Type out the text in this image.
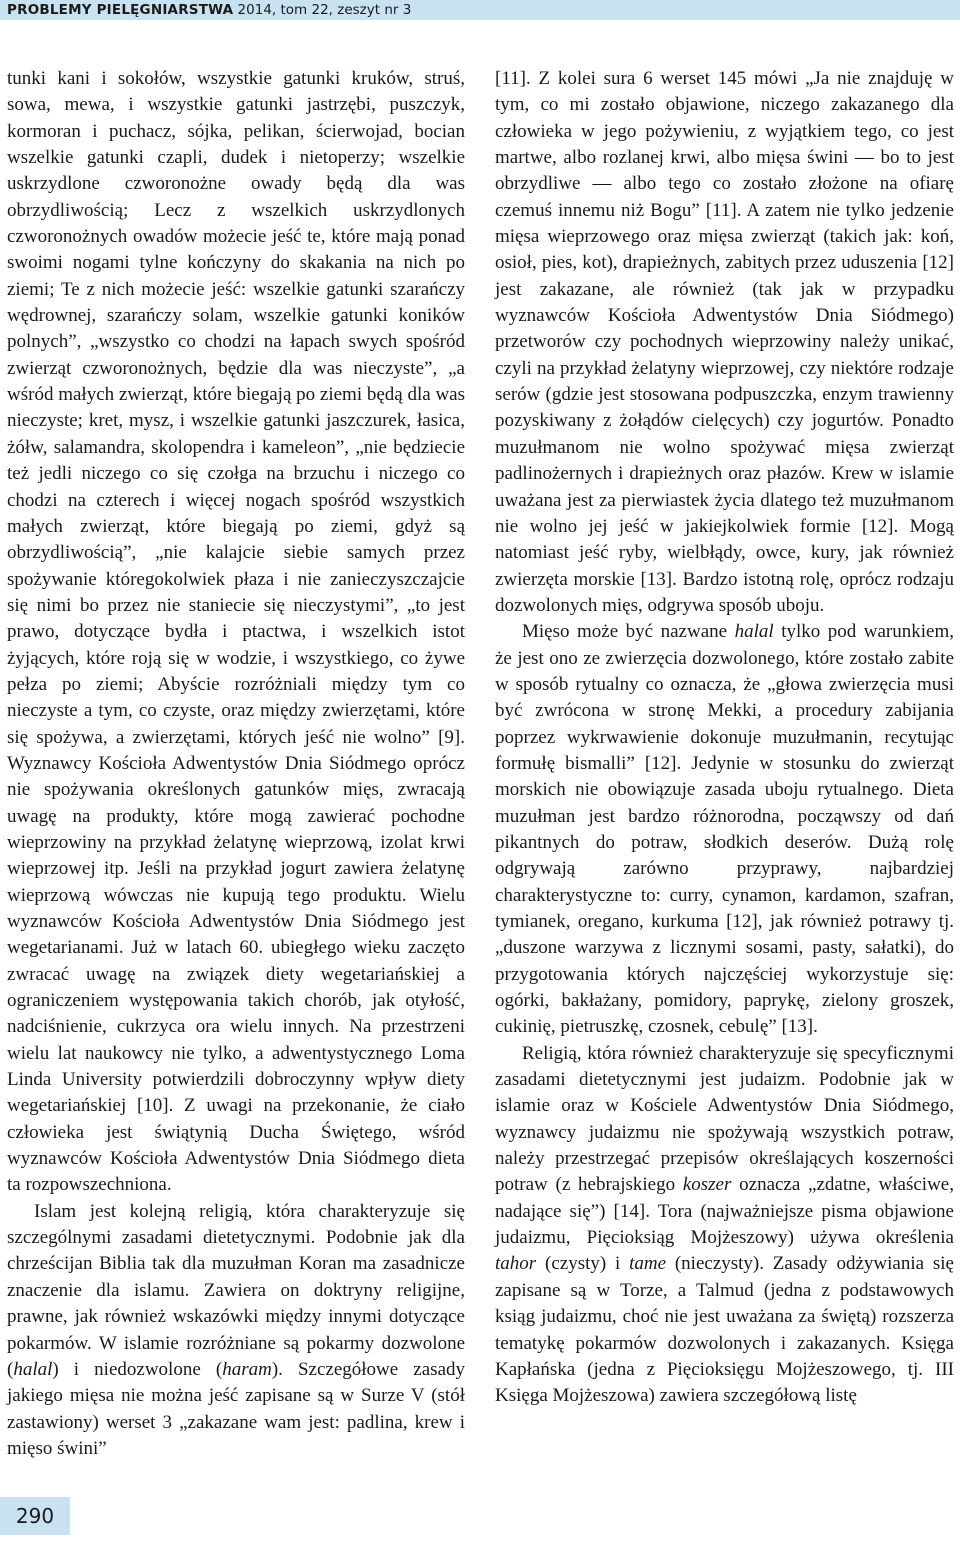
PROBLEMY PIELĘGNIARSTWA 2014, tom 22, zeszyt nr 3

tunki kani i sokołów, wszystkie gatunki kruków, struś, sowa, mewa, i wszystkie gatunki jastrzębi, puszczyk, kormoran i puchacz, sójka, pelikan, ścierwojad, bocian wszelkie gatunki czapli, dudek i nietoperzy; wszelkie uskrzydlone czworonożne owady będą dla was obrzydliwością; Lecz z wszelkich uskrzydlonych czworonożnych owadów możecie jeść te, które mają ponad swoimi nogami tylne kończyny do skakania na nich po ziemi; Te z nich możecie jeść: wszelkie gatunki szarańczy wędrownej, szarańczy solam, wszelkie gatunki koników polnych”, „wszystko co chodzi na łapach swych spośród zwierząt czworonożnych, będzie dla was nieczyste”, „a wśród małych zwierząt, które biegają po ziemi będą dla was nieczyste; kret, mysz, i wszelkie gatunki jaszczurek, łasica, żółw, salamandra, skolopendra i kameleon”, „nie będziecie też jedli niczego co się czołga na brzuchu i niczego co chodzi na czterech i więcej nogach spośród wszystkich małych zwierząt, które biegają po ziemi, gdyż są obrzydliwością”, „nie kalajcie siebie samych przez spożywanie któregokolwiek płaza i nie zanieczyszczajcie się nimi bo przez nie staniecie się nieczystymi”, „to jest prawo, dotyczące bydła i ptactwa, i wszelkich istot żyjących, które roją się w wodzie, i wszystkiego, co żywe pełza po ziemi; Abyście rozróżniali między tym co nieczyste a tym, co czyste, oraz między zwierzętami, które się spożywa, a zwierzętami, których jeść nie wolno” [9]. Wyznawcy Kościoła Adwentystów Dnia Siódmego oprócz nie spożywania określonych gatunków mięs, zwracają uwagę na produkty, które mogą zawierać pochodne wieprzowiny na przykład żelatynę wieprzową, izolat krwi wieprzowej itp. Jeśli na przykład jogurt zawiera żelatynę wieprzową wówczas nie kupują tego produktu. Wielu wyznawców Kościoła Adwentystów Dnia Siódmego jest wegetarianami. Już w latach 60. ubiegłego wieku zaczęto zwracać uwagę na związek diety wegetariańskiej a ograniczeniem występowania takich chorób, jak otyłość, nadciśnienie, cukrzyca ora wielu innych. Na przestrzeni wielu lat naukowcy nie tylko, a adwentystycznego Loma Linda University potwierdzili dobroczynny wpływ diety wegetariańskiej [10]. Z uwagi na przekonanie, że ciało człowieka jest świątynią Ducha Świętego, wśród wyznawców Kościoła Adwentystów Dnia Siódmego dieta ta rozpowszechniona.

Islam jest kolejną religią, która charakteryzuje się szczególnymi zasadami dietetycznymi. Podobnie jak dla chrześcijan Biblia tak dla muzułman Koran ma zasadnicze znaczenie dla islamu. Zawiera on doktryny religijne, prawne, jak również wskazówki między innymi dotyczące pokarmów. W islamie rozróżniane są pokarmy dozwolone (halal) i niedozwolone (haram). Szczegółowe zasady jakiego mięsa nie można jeść zapisane są w Surze V (stół zastawiony) werset 3 „zakazane wam jest: padlina, krew i mięso świni”

[11]. Z kolei sura 6 werset 145 mówi „Ja nie znajduję w tym, co mi zostało objawione, niczego zakazanego dla człowieka w jego pożywieniu, z wyjątkiem tego, co jest martwe, albo rozlanej krwi, albo mięsa świni — bo to jest obrzydliwe — albo tego co zostało złożone na ofiarę czemuś innemu niż Bogu” [11]. A zatem nie tylko jedzenie mięsa wieprzowego oraz mięsa zwierząt (takich jak: koń, osioł, pies, kot), drapieżnych, zabitych przez uduszenia [12] jest zakazane, ale również (tak jak w przypadku wyznawców Kościoła Adwentystów Dnia Siódmego) przetworów czy pochodnych wieprzowiny należy unikać, czyli na przykład żelatyny wieprzowej, czy niektóre rodzaje serów (gdzie jest stosowana podpuszczka, enzym trawienny pozyskiwany z żołądów cielęcych) czy jogurtów. Ponadto muzułmanom nie wolno spożywać mięsa zwierząt padlinożernych i drapieżnych oraz płazów. Krew w islamie uważana jest za pierwiastek życia dlatego też muzułmanom nie wolno jej jeść w jakiejkolwiek formie [12]. Mogą natomiast jeść ryby, wielbłądy, owce, kury, jak również zwierzęta morskie [13]. Bardzo istotną rolę, oprócz rodzaju dozwolonych mięs, odgrywa sposób uboju.

Mięso może być nazwane halal tylko pod warunkiem, że jest ono ze zwierzęcia dozwolonego, które zostało zabite w sposób rytualny co oznacza, że „głowa zwierzęcia musi być zwrócona w stronę Mekki, a procedury zabijania poprzez wykrwawienie dokonuje muzułmanin, recytując formułę bismalli” [12]. Jedynie w stosunku do zwierząt morskich nie obowiązuje zasada uboju rytualnego. Dieta muzułman jest bardzo różnorodna, począwszy od dań pikantnych do potraw, słodkich deserów. Dużą rolę odgrywają zarówno przyprawy, najbardziej charakterystyczne to: curry, cynamon, kardamon, szafran, tymianek, oregano, kurkuma [12], jak również potrawy tj. „duszone warzywa z licznymi sosami, pasty, sałatki), do przygotowania których najczęściej wykorzystuje się: ogórki, bakłażany, pomidory, paprykę, zielony groszek, cukinię, pietruszkę, czosnek, cebulę” [13].

Religią, która również charakteryzuje się specyficznymi zasadami dietetycznymi jest judaizm. Podobnie jak w islamie oraz w Kościele Adwentystów Dnia Siódmego, wyznawcy judaizmu nie spożywają wszystkich potraw, należy przestrzegać przepisów określających koszerności potraw (z hebrajskiego koszer oznacza „zdatne, właściwe, nadające się”) [14]. Tora (najważniejsze pisma objawione judaizmu, Pięcioksiąg Mojżeszowy) używa określenia tahor (czysty) i tame (nieczysty). Zasady odżywiania się zapisane są w Torze, a Talmud (jedna z podstawowych ksiąg judaizmu, choć nie jest uważana za świętą) rozszerza tematykę pokarmów dozwolonych i zakazanych. Księga Kapłańska (jedna z Pięcioksięgu Mojżeszowego, tj. III Księga Mojżeszowa) zawiera szczegółową listę

290
